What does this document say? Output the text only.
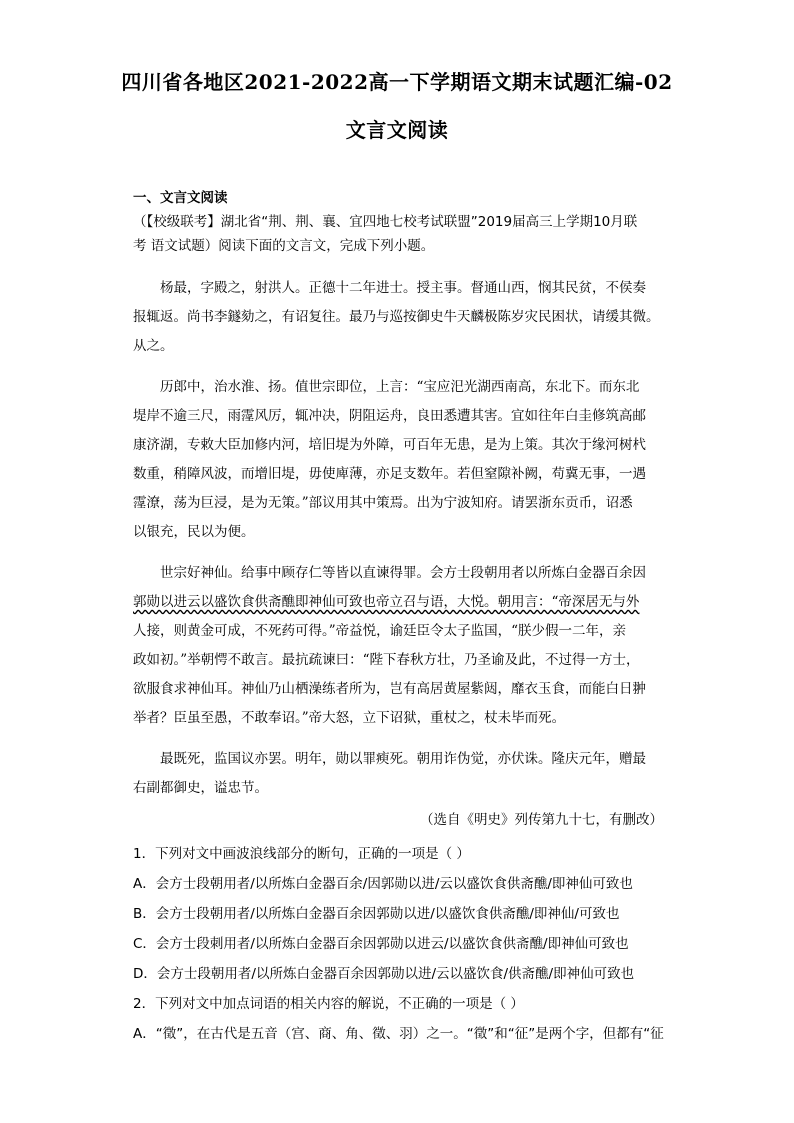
四川省各地区2021-2022高一下学期语文期末试题汇编-02
文言文阅读
一、文言文阅读
（【校级联考】湖北省“荆、荆、襄、宜四地七校考试联盟”2019届高三上学期10月联
考 语文试题）阅读下面的文言文，完成下列小题。
　　杨最，字殿之，射洪人。正德十二年进士。授主事。督通山西，悯其民贫，不侯奏
报辄返。尚书李鐩劾之，有诏复往。最乃与巡按御史牛天麟极陈岁灾民困状，请缓其微。
从之。
　　历郎中，治水淮、扬。值世宗即位，上言：“宝应汜光湖西南高，东北下。而东北
堤岸不逾三尺，雨霪风厉，辄冲决，阴阻运舟，良田悉遭其害。宜如往年白圭修筑高邮
康济湖，专敕大臣加修内河，培旧堤为外障，可百年无患，是为上策。其次于缘河树杙
数重，稍障风波，而增旧堤，毋使庳薄，亦足支数年。若但窒隙补阙，苟冀无事，一遇
霪潦，荡为巨浸，是为无策。”部议用其中策焉。出为宁波知府。请罢浙东贡币，诏悉
以银充，民以为便。
　　世宗好神仙。给事中顾存仁等皆以直谏得罪。会方士段朝用者以所炼白金器百余因
郭勋以进云以盛饮食供斋醮即神仙可致也帝立召与语，大悦。朝用言：“帝深居无与外
人接，则黄金可成，不死药可得。”帝益悦，谕廷臣令太子监国，“朕少假一二年，亲
政如初。”举朝愕不敢言。最抗疏谏曰：“陛下春秋方壮，乃圣谕及此，不过得一方士，
欲服食求神仙耳。神仙乃山栖澡练者所为，岂有高居黄屋紫闼，靡衣玉食，而能白日翀
举者？臣虽至愚，不敢奉诏。”帝大怒，立下诏狱，重杖之，杖未毕而死。
　　最既死，监国议亦罢。明年，勋以罪瘐死。朝用诈伪觉，亦伏诛。隆庆元年，赠最
右副都御史，谥忠节。
（选自《明史》列传第九十七，有删改）
1．下列对文中画波浪线部分的断句，正确的一项是（ ）
A．会方士段朝用者/以所炼白金器百余/因郭勋以进/云以盛饮食供斋醮/即神仙可致也
B．会方士段朝用者/以所炼白金器百余因郭勋以进/以盛饮食供斋醮/即神仙/可致也
C．会方士段刺用者/以所炼白金器百余因郭勋以进云/以盛饮食供斋醮/即神仙可致也
D．会方士段朝用者/以所炼白金器百余因郭勋以进/云以盛饮食/供斋醮/即神仙可致也
2．下列对文中加点词语的相关内容的解说，不正确的一项是（ ）
A．“徵”，在古代是五音（宫、商、角、徵、羽）之一。“徵”和“征”是两个字，但都有“征
